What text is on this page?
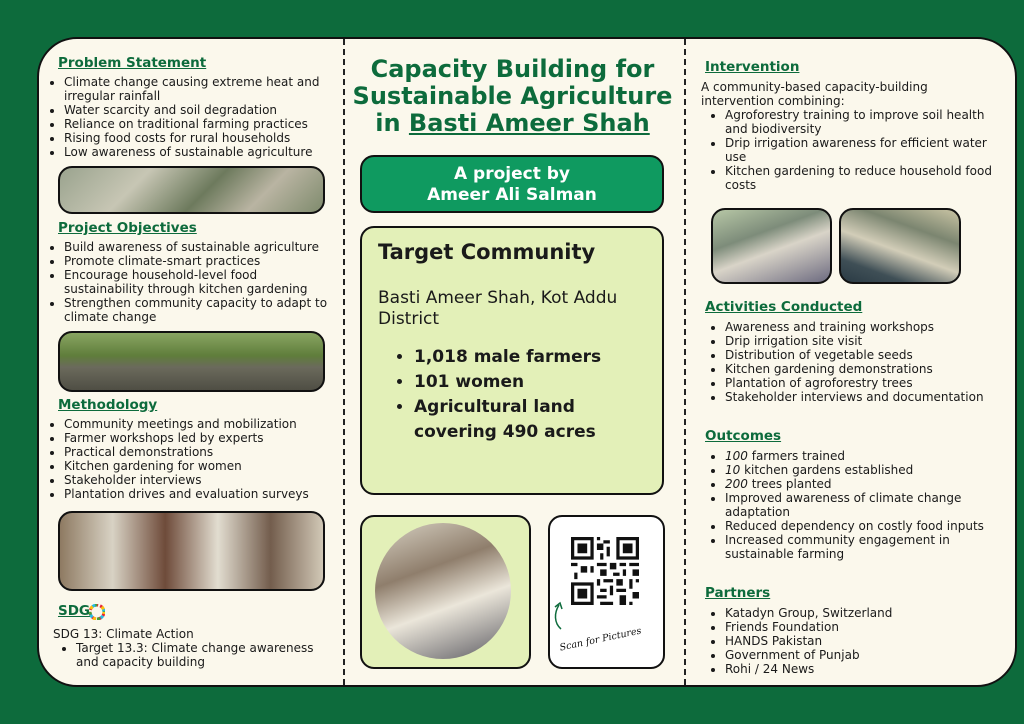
Problem Statement
• Climate change causing extreme heat and irregular rainfall
• Water scarcity and soil degradation
• Reliance on traditional farming practices
• Rising food costs for rural households
• Low awareness of sustainable agriculture
Project Objectives
• Build awareness of sustainable agriculture
• Promote climate-smart practices
• Encourage household-level food sustainability through kitchen gardening
• Strengthen community capacity to adapt to climate change
Methodology
• Community meetings and mobilization
• Farmer workshops led by experts
• Practical demonstrations
• Kitchen gardening for women
• Stakeholder interviews
• Plantation drives and evaluation surveys
SDG
SDG 13: Climate Action
• Target 13.3: Climate change awareness and capacity building
Capacity Building for
Sustainable Agriculture
in Basti Ameer Shah
A project by
Ameer Ali Salman
Target Community
Basti Ameer Shah, Kot Addu District
• 1,018 male farmers
• 101 women
• Agricultural land covering 490 acres
Scan for Pictures
Intervention
A community-based capacity-building intervention combining:
• Agroforestry training to improve soil health and biodiversity
• Drip irrigation awareness for efficient water use
• Kitchen gardening to reduce household food costs
Activities Conducted
• Awareness and training workshops
• Drip irrigation site visit
• Distribution of vegetable seeds
• Kitchen gardening demonstrations
• Plantation of agroforestry trees
• Stakeholder interviews and documentation
Outcomes
• 100 farmers trained
• 10 kitchen gardens established
• 200 trees planted
• Improved awareness of climate change adaptation
• Reduced dependency on costly food inputs
• Increased community engagement in sustainable farming
Partners
• Katadyn Group, Switzerland
• Friends Foundation
• HANDS Pakistan
• Government of Punjab
• Rohi / 24 News
